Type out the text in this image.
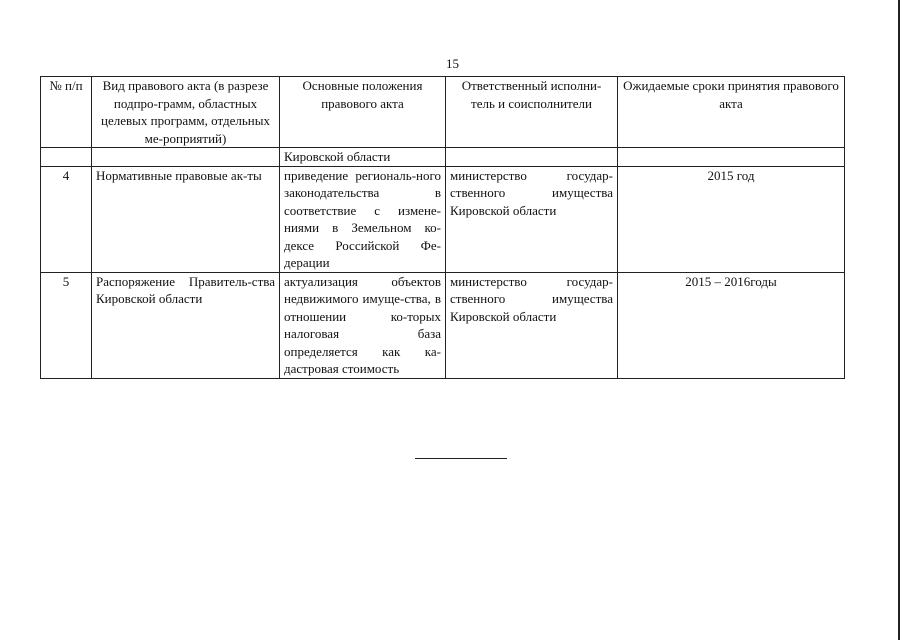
15
№ п/п	Вид правового акта (в разрезе подпро-грамм, областных целевых программ, отдельных ме-роприятий)	Основные положения правового акта	Ответственный исполни-тель и соисполнители	Ожидаемые сроки принятия правового акта
		Кировской области		
4	Нормативные правовые ак-ты	приведение региональ-ного законодательства в соответствие с измене-ниями в Земельном ко-дексе Российской Фе-дерации	министерство государ-ственного имущества Кировской области	2015 год
5	Распоряжение Правитель-ства Кировской области	актуализация объектов недвижимого имуще-ства, в отношении ко-торых налоговая база определяется как ка-дастровая стоимость	министерство государ-ственного имущества Кировской области	2015 – 2016годы
